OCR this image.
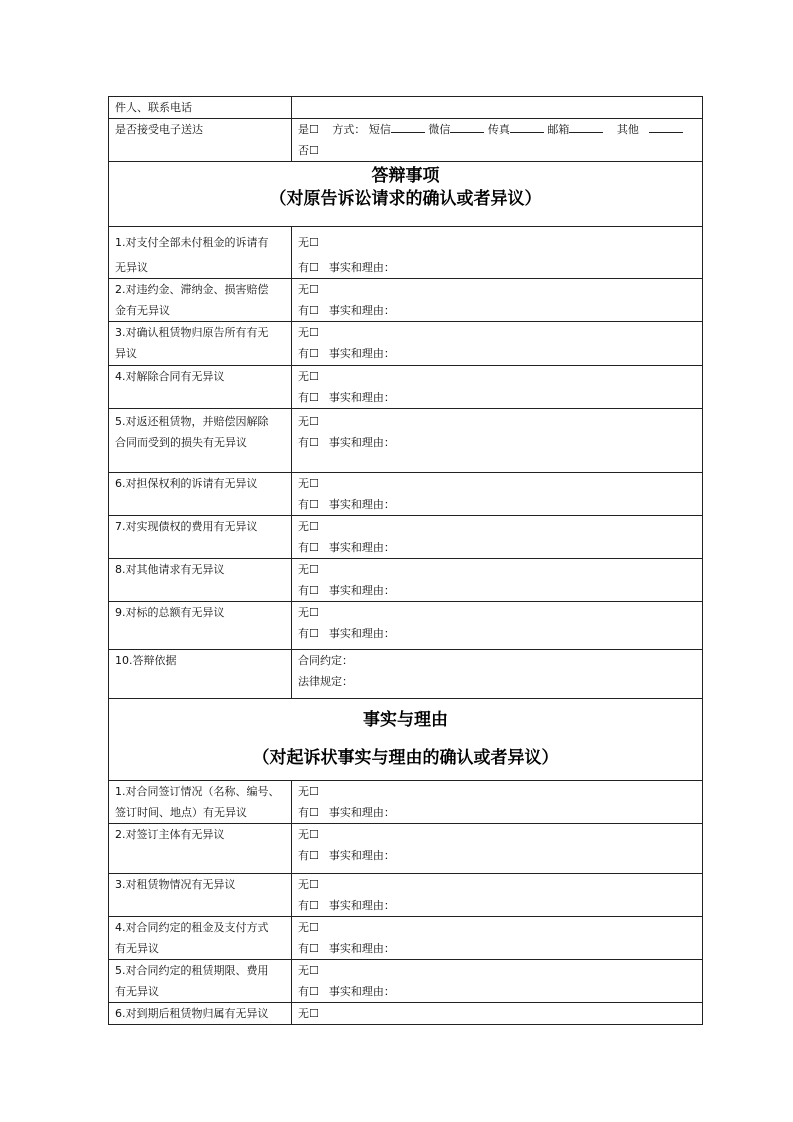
件人、联系电话	

是否接受电子送达	是☐ 方式： 短信 微信 传真 邮箱 其他
否☐

答辩事项
（对原告诉讼请求的确认或者异议）	

1.对支付全部未付租金的诉请有
无异议	无☐
有☐ 事实和理由：

2.对违约金、滞纳金、损害赔偿
金有无异议	无☐
有☐ 事实和理由：

3.对确认租赁物归原告所有有无
异议	无☐
有☐ 事实和理由：

4.对解除合同有无异议	无☐
有☐ 事实和理由：

5.对返还租赁物，并赔偿因解除
合同而受到的损失有无异议	无☐
有☐ 事实和理由：

6.对担保权利的诉请有无异议	无☐
有☐ 事实和理由：

7.对实现债权的费用有无异议	无☐
有☐ 事实和理由：

8.对其他请求有无异议	无☐
有☐ 事实和理由：

9.对标的总额有无异议	无☐
有☐ 事实和理由：

10.答辩依据	合同约定：
法律规定：

事实与理由
（对起诉状事实与理由的确认或者异议）	

1.对合同签订情况（名称、编号、
签订时间、地点）有无异议	无☐
有☐ 事实和理由：

2.对签订主体有无异议	无☐
有☐ 事实和理由：

3.对租赁物情况有无异议	无☐
有☐ 事实和理由：

4.对合同约定的租金及支付方式
有无异议	无☐
有☐ 事实和理由：

5.对合同约定的租赁期限、费用
有无异议	无☐
有☐ 事实和理由：

6.对到期后租赁物归属有无异议	无☐
